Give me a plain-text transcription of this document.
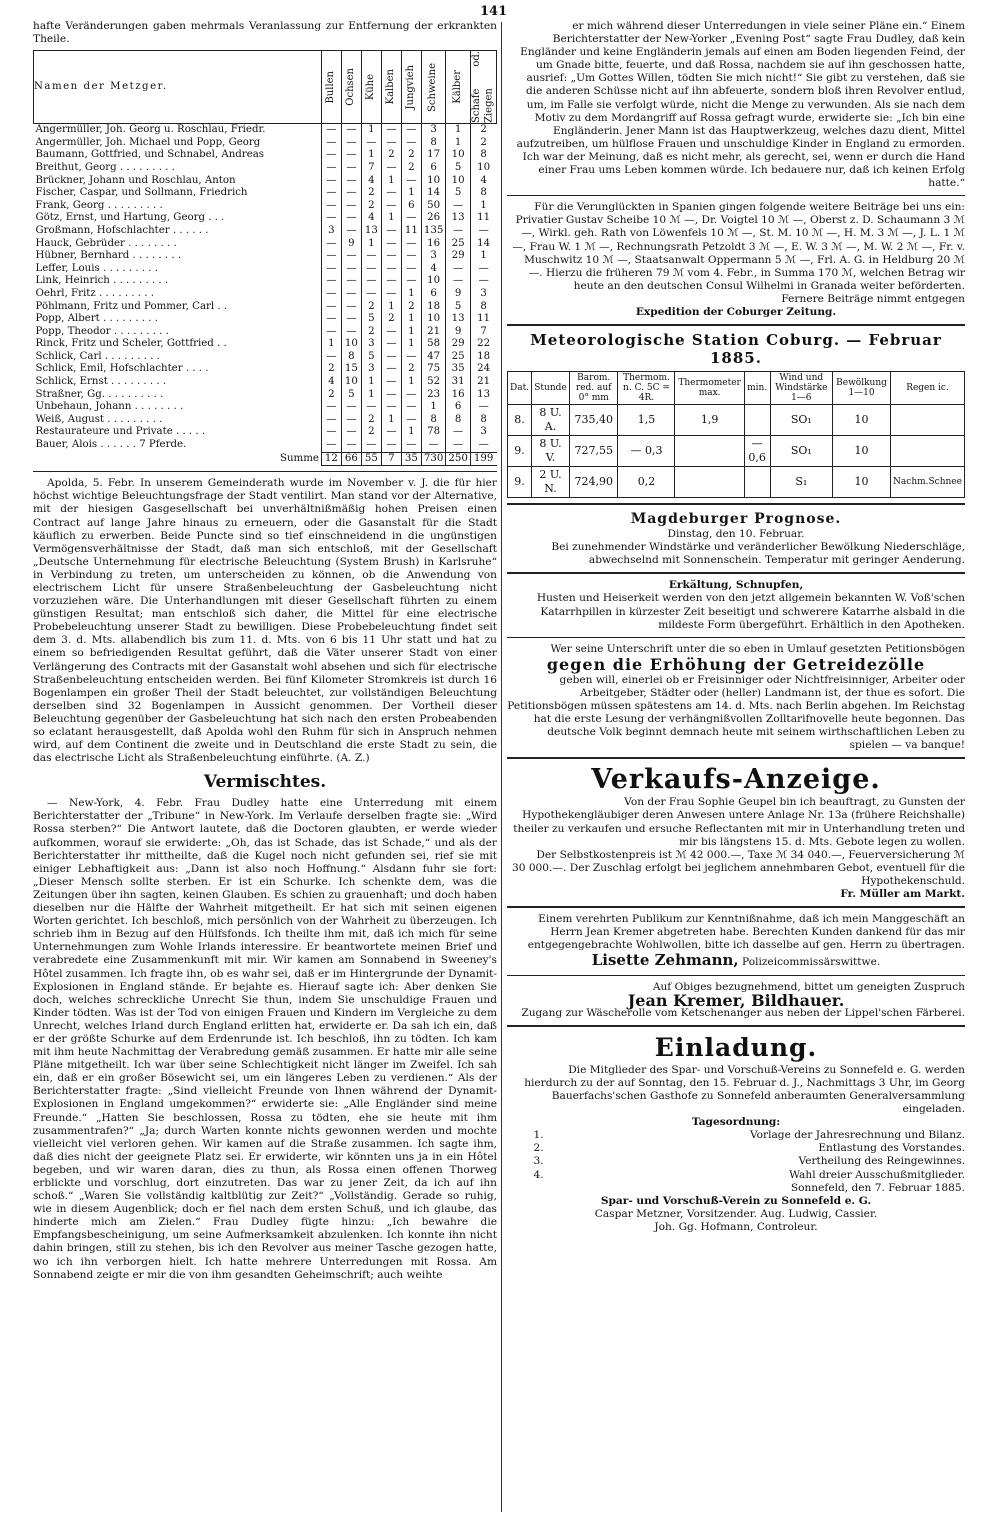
141

hafte Veränderungen gaben mehrmals Veranlassung zur Entfernung der erkrankten Theile.

Namen der Metzger.	Bullen	Ochsen	Kühe	Kalben	Jungvieh	Schweine	Kälber	Schafe od. Ziegen

Angermüller, Joh. Georg u. Roschlau, Friedr.	—	—	1	—	—	3	1	2
Angermüller, Joh. Michael und Popp, Georg	—	—	—	—	—	8	1	2
Baumann, Gottfried, und Schnabel, Andreas	—	—	1	2	2	17	10	8
Breithut, Georg . . . . . . . . .	—	—	7	—	2	6	5	10
Brückner, Johann und Roschlau, Anton	—	—	4	1	—	10	10	4
Fischer, Caspar, und Sollmann, Friedrich	—	—	2	—	1	14	5	8
Frank, Georg . . . . . . . . .	—	—	2	—	6	50	—	1
Götz, Ernst, und Hartung, Georg . . .	—	—	4	1	—	26	13	11
Großmann, Hofschlachter . . . . . .	3	—	13	—	11	135	—	—
Hauck, Gebrüder . . . . . . . .	—	9	1	—	—	16	25	14
Hübner, Bernhard . . . . . . . .	—	—	—	—	—	3	29	1
Leffer, Louis . . . . . . . . .	—	—	—	—	—	4	—	—
Link, Heinrich . . . . . . . . .	—	—	—	—	—	10	—	—
Oehrl, Fritz . . . . . . . . .	—	—	—	—	1	6	9	3
Pöhlmann, Fritz und Pommer, Carl . .	—	—	2	1	2	18	5	8
Popp, Albert . . . . . . . . .	—	—	5	2	1	10	13	11
Popp, Theodor . . . . . . . . .	—	—	2	—	1	21	9	7
Rinck, Fritz und Scheler, Gottfried . .	1	10	3	—	1	58	29	22
Schlick, Carl . . . . . . . . .	—	8	5	—	—	47	25	18
Schlick, Emil, Hofschlachter . . . .	2	15	3	—	2	75	35	24
Schlick, Ernst . . . . . . . . .	4	10	1	—	1	52	31	21
Straßner, Gg. . . . . . . . . .	2	5	1	—	—	23	16	13
Unbehaun, Johann . . . . . . . .	—	—	—	—	—	1	6	—
Weiß, August . . . . . . . . .	—	—	2	1	—	8	8	8
Restaurateure und Private . . . . .	—	—	2	—	1	78	—	3
Bauer, Alois . . . . . . 7 Pferde.	—	—	—	—	—	—	—	—
Summe	12	66	55	7	35	730	250	199

Apolda, 5. Febr. In unserem Gemeinderath wurde im November v. J. die für hier höchst wichtige Beleuchtungsfrage der Stadt ventilirt. Man stand vor der Alternative, mit der hiesigen Gasgesellschaft bei unverhältnißmäßig hohen Preisen einen Contract auf lange Jahre hinaus zu erneuern, oder die Gasanstalt für die Stadt käuflich zu erwerben. Beide Puncte sind so tief einschneidend in die ungünstigen Vermögensverhältnisse der Stadt, daß man sich entschloß, mit der Gesellschaft „Deutsche Unternehmung für electrische Beleuchtung (System Brush) in Karlsruhe“ in Verbindung zu treten, um unterscheiden zu können, ob die Anwendung von electrischem Licht für unsere Straßenbeleuchtung der Gasbeleuchtung nicht vorzuziehen wäre. Die Unterhandlungen mit dieser Gesellschaft führten zu einem günstigen Resultat; man entschloß sich daher, die Mittel für eine electrische Probebeleuchtung unserer Stadt zu bewilligen. Diese Probebeleuchtung findet seit dem 3. d. Mts. allabendlich bis zum 11. d. Mts. von 6 bis 11 Uhr statt und hat zu einem so befriedigenden Resultat geführt, daß die Väter unserer Stadt von einer Verlängerung des Contracts mit der Gasanstalt wohl absehen und sich für electrische Straßenbeleuchtung entscheiden werden. Bei fünf Kilometer Stromkreis ist durch 16 Bogenlampen ein großer Theil der Stadt beleuchtet, zur vollständigen Beleuchtung derselben sind 32 Bogenlampen in Aussicht genommen. Der Vortheil dieser Beleuchtung gegenüber der Gasbeleuchtung hat sich nach den ersten Probeabenden so eclatant herausgestellt, daß Apolda wohl den Ruhm für sich in Anspruch nehmen wird, auf dem Continent die zweite und in Deutschland die erste Stadt zu sein, die das electrische Licht als Straßenbeleuchtung einführte. (A. Z.)

Vermischtes.

— New-York, 4. Febr. Frau Dudley hatte eine Unterredung mit einem Berichterstatter der „Tribune“ in New-York. Im Verlaufe derselben fragte sie: „Wird Rossa sterben?“ Die Antwort lautete, daß die Doctoren glaubten, er werde wieder aufkommen, worauf sie erwiderte: „Oh, das ist Schade, das ist Schade,“ und als der Berichterstatter ihr mittheilte, daß die Kugel noch nicht gefunden sei, rief sie mit einiger Lebhaftigkeit aus: „Dann ist also noch Hoffnung.“ Alsdann fuhr sie fort: „Dieser Mensch sollte sterben. Er ist ein Schurke. Ich schenkte dem, was die Zeitungen über ihn sagten, keinen Glauben. Es schien zu grauenhaft; und doch haben dieselben nur die Hälfte der Wahrheit mitgetheilt. Er hat sich mit seinen eigenen Worten gerichtet. Ich beschloß, mich persönlich von der Wahrheit zu überzeugen. Ich schrieb ihm in Bezug auf den Hülfsfonds. Ich theilte ihm mit, daß ich mich für seine Unternehmungen zum Wohle Irlands interessire. Er beantwortete meinen Brief und verabredete eine Zusammenkunft mit mir. Wir kamen am Sonnabend in Sweeney's Hôtel zusammen. Ich fragte ihn, ob es wahr sei, daß er im Hintergrunde der Dynamit-Explosionen in England stände. Er bejahte es. Hierauf sagte ich: Aber denken Sie doch, welches schreckliche Unrecht Sie thun, indem Sie unschuldige Frauen und Kinder tödten. Was ist der Tod von einigen Frauen und Kindern im Vergleiche zu dem Unrecht, welches Irland durch England erlitten hat, erwiderte er. Da sah ich ein, daß er der größte Schurke auf dem Erdenrunde ist. Ich beschloß, ihn zu tödten. Ich kam mit ihm heute Nachmittag der Verabredung gemäß zusammen. Er hatte mir alle seine Pläne mitgetheilt. Ich war über seine Schlechtigkeit nicht länger im Zweifel. Ich sah ein, daß er ein großer Bösewicht sei, um ein längeres Leben zu verdienen.“ Als der Berichterstatter fragte: „Sind vielleicht Freunde von Ihnen während der Dynamit-Explosionen in England umgekommen?“ erwiderte sie: „Alle Engländer sind meine Freunde.“ „Hatten Sie beschlossen, Rossa zu tödten, ehe sie heute mit ihm zusammentrafen?“ „Ja; durch Warten konnte nichts gewonnen werden und mochte vielleicht viel verloren gehen. Wir kamen auf die Straße zusammen. Ich sagte ihm, daß dies nicht der geeignete Platz sei. Er erwiderte, wir könnten uns ja in ein Hôtel begeben, und wir waren daran, dies zu thun, als Rossa einen offenen Thorweg erblickte und vorschlug, dort einzutreten. Das war zu jener Zeit, da ich auf ihn schoß.“ „Waren Sie vollständig kaltblütig zur Zeit?“ „Vollständig. Gerade so ruhig, wie in diesem Augenblick; doch er fiel nach dem ersten Schuß, und ich glaube, das hinderte mich am Zielen.“ Frau Dudley fügte hinzu: „Ich bewahre die Empfangsbescheinigung, um seine Aufmerksamkeit abzulenken. Ich konnte ihn nicht dahin bringen, still zu stehen, bis ich den Revolver aus meiner Tasche gezogen hatte, wo ich ihn verborgen hielt. Ich hatte mehrere Unterredungen mit Rossa. Am Sonnabend zeigte er mir die von ihm gesandten Geheimschrift; auch weihte

er mich während dieser Unterredungen in viele seiner Pläne ein.“ Einem Berichterstatter der New-Yorker „Evening Post“ sagte Frau Dudley, daß kein Engländer und keine Engländerin jemals auf einen am Boden liegenden Feind, der um Gnade bitte, feuerte, und daß Rossa, nachdem sie auf ihn geschossen hatte, ausrief: „Um Gottes Willen, tödten Sie mich nicht!“ Sie gibt zu verstehen, daß sie die anderen Schüsse nicht auf ihn abfeuerte, sondern bloß ihren Revolver entlud, um, im Falle sie verfolgt würde, nicht die Menge zu verwunden. Als sie nach dem Motiv zu dem Mordangriff auf Rossa gefragt wurde, erwiderte sie: „Ich bin eine Engländerin. Jener Mann ist das Hauptwerkzeug, welches dazu dient, Mittel aufzutreiben, um hülflose Frauen und unschuldige Kinder in England zu ermorden. Ich war der Meinung, daß es nicht mehr, als gerecht, sei, wenn er durch die Hand einer Frau ums Leben kommen würde. Ich bedauere nur, daß ich keinen Erfolg hatte.“

Für die Verunglückten in Spanien gingen folgende weitere Beiträge bei uns ein: Privatier Gustav Scheibe 10 ℳ —, Dr. Voigtel 10 ℳ —, Oberst z. D. Schaumann 3 ℳ —, Wirkl. geh. Rath von Löwenfels 10 ℳ —, St. M. 10 ℳ —, H. M. 3 ℳ —, J. L. 1 ℳ —, Frau W. 1 ℳ —, Rechnungsrath Petzoldt 3 ℳ —, E. W. 3 ℳ —, M. W. 2 ℳ —, Fr. v. Muschwitz 10 ℳ —, Staatsanwalt Oppermann 5 ℳ —, Frl. A. G. in Heldburg 20 ℳ —. Hierzu die früheren 79 ℳ vom 4. Febr., in Summa 170 ℳ, welchen Betrag wir heute an den deutschen Consul Wilhelmi in Granada weiter beförderten.

Fernere Beiträge nimmt entgegen

Expedition der Coburger Zeitung.
Meteorologische Station Coburg. — Februar 1885.
Dat.	Stunde	Barom. red. auf 0° mm	Thermom. n. C. 5C = 4R.	Thermometer max.	min.	Wind und Windstärke 1—6	Bewölkung 1—10	Regen ic.
8.	8 U. A.	735,40	1,5	1,9		SO₁	10	
9.	8 U. V.	727,55	— 0,3		—0,6	SO₁	10	
9.	2 U. N.	724,90	0,2			S₁	10	Nachm.Schnee
Magdeburger Prognose.
Dinstag, den 10. Februar.

Bei zunehmender Windstärke und veränderlicher Bewölkung Niederschläge, abwechselnd mit Sonnenschein. Temperatur mit geringer Aenderung.

Erkältung, Schnupfen,

Husten und Heiserkeit werden von den jetzt allgemein bekannten W. Voß'schen Katarrhpillen in kürzester Zeit beseitigt und schwerere Katarrhe alsbald in die mildeste Form übergeführt. Erhältlich in den Apotheken.

Wer seine Unterschrift unter die so eben in Umlauf gesetzten Petitionsbögen

gegen die Erhöhung der Getreidezölle

geben will, einerlei ob er Freisinniger oder Nichtfreisinniger, Arbeiter oder Arbeitgeber, Städter oder (heller) Landmann ist, der thue es sofort. Die Petitionsbögen müssen spätestens am 14. d. Mts. nach Berlin abgehen. Im Reichstag hat die erste Lesung der verhängnißvollen Zolltarifnovelle heute begonnen. Das deutsche Volk beginnt demnach heute mit seinem wirthschaftlichen Leben zu spielen — va banque!

Verkaufs-Anzeige.

Von der Frau Sophie Geupel bin ich beauftragt, zu Gunsten der Hypothekengläubiger deren Anwesen untere Anlage Nr. 13a (frühere Reichshalle) theiler zu verkaufen und ersuche Reflectanten mit mir in Unterhandlung treten und mir bis längstens 15. d. Mts. Gebote legen zu wollen.

Der Selbstkostenpreis ist ℳ 42 000.—, Taxe ℳ 34 040.—, Feuerversicherung ℳ 30 000.—. Der Zuschlag erfolgt bei jeglichem annehmbaren Gebot, eventuell für die Hypothekenschuld.

Fr. Müller am Markt.

Einem verehrten Publikum zur Kenntnißnahme, daß ich mein Manggeschäft an Herrn Jean Kremer abgetreten habe. Berechten Kunden dankend für das mir entgegengebrachte Wohlwollen, bitte ich dasselbe auf gen. Herrn zu übertragen.

Lisette Zehmann, Polizeicommissärswittwe.

Auf Obiges bezugnehmend, bittet um geneigten Zuspruch

Jean Kremer, Bildhauer.

Zugang zur Wäscherolle vom Ketschenanger aus neben der Lippel'schen Färberei.

Einladung.

Die Mitglieder des Spar- und Vorschuß-Vereins zu Sonnefeld e. G. werden hierdurch zu der auf Sonntag, den 15. Februar d. J., Nachmittags 3 Uhr, im Georg Bauerfachs'schen Gasthofe zu Sonnefeld anberaumten Generalversammlung eingeladen.

Tagesordnung:
1. Vorlage der Jahresrechnung und Bilanz.
2. Entlastung des Vorstandes.
3. Vertheilung des Reingewinnes.
4. Wahl dreier Ausschußmitglieder.

Sonnefeld, den 7. Februar 1885.

Spar- und Vorschuß-Verein zu Sonnefeld e. G.
Caspar Metzner, Vorsitzender. Aug. Ludwig, Cassier.
Joh. Gg. Hofmann, Controleur.
